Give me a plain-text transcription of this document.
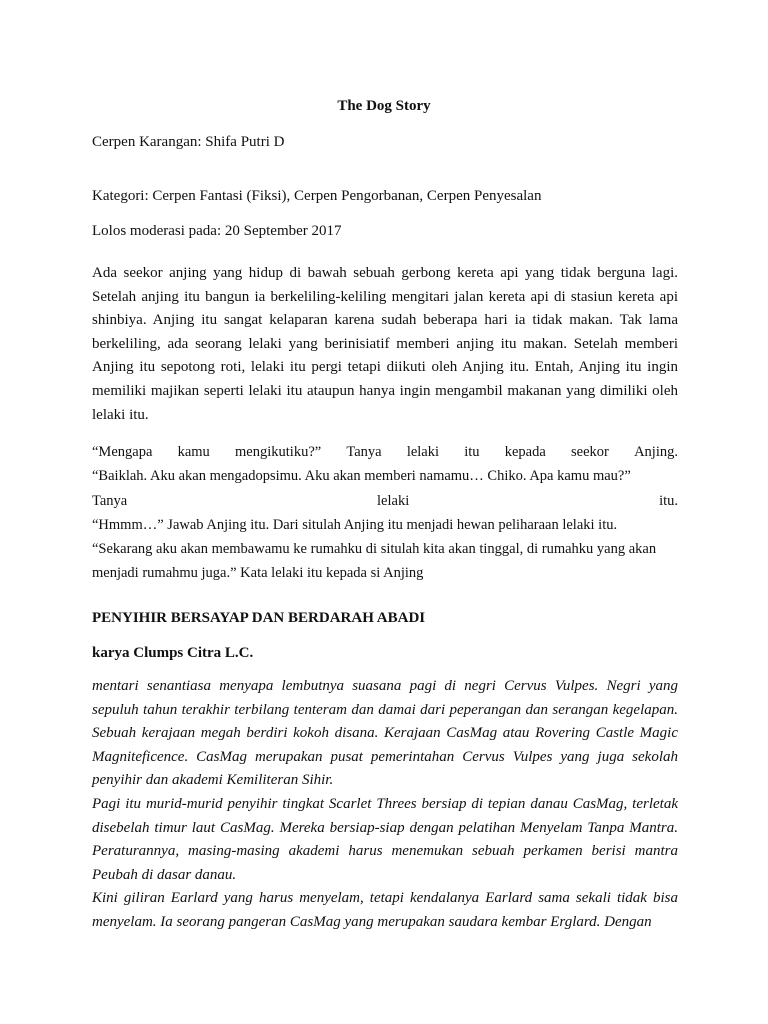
The Dog Story
Cerpen Karangan: Shifa Putri D
Kategori: Cerpen Fantasi (Fiksi), Cerpen Pengorbanan, Cerpen Penyesalan
Lolos moderasi pada: 20 September 2017

Ada seekor anjing yang hidup di bawah sebuah gerbong kereta api yang tidak berguna lagi. Setelah anjing itu bangun ia berkeliling-keliling mengitari jalan kereta api di stasiun kereta api shinbiya. Anjing itu sangat kelaparan karena sudah beberapa hari ia tidak makan. Tak lama berkeliling, ada seorang lelaki yang berinisiatif memberi anjing itu makan. Setelah memberi Anjing itu sepotong roti, lelaki itu pergi tetapi diikuti oleh Anjing itu. Entah, Anjing itu ingin memiliki majikan seperti lelaki itu ataupun hanya ingin mengambil makanan yang dimiliki oleh lelaki itu.

“Mengapa kamu mengikutiku?” Tanya lelaki itu kepada seekor Anjing.
“Baiklah. Aku akan mengadopsimu. Aku akan memberi namamu… Chiko. Apa kamu mau?”
Tanya	lelaki	itu.
“Hmmm…” Jawab Anjing itu. Dari situlah Anjing itu menjadi hewan peliharaan lelaki itu.
“Sekarang aku akan membawamu ke rumahku di situlah kita akan tinggal, di rumahku yang akan
menjadi rumahmu juga.” Kata lelaki itu kepada si Anjing
PENYIHIR BERSAYAP DAN BERDARAH ABADI
karya Clumps Citra L.C.

mentari senantiasa menyapa lembutnya suasana pagi di negri Cervus Vulpes. Negri yang sepuluh tahun terakhir terbilang tenteram dan damai dari peperangan dan serangan kegelapan. Sebuah kerajaan megah berdiri kokoh disana. Kerajaan CasMag atau Rovering Castle Magic Magniteficence. CasMag merupakan pusat pemerintahan Cervus Vulpes yang juga sekolah penyihir dan akademi Kemiliteran Sihir.

Pagi itu murid-murid penyihir tingkat Scarlet Threes bersiap di tepian danau CasMag, terletak disebelah timur laut CasMag. Mereka bersiap-siap dengan pelatihan Menyelam Tanpa Mantra. Peraturannya, masing-masing akademi harus menemukan sebuah perkamen berisi mantra Peubah di dasar danau.

Kini giliran Earlard yang harus menyelam, tetapi kendalanya Earlard sama sekali tidak bisa menyelam. Ia seorang pangeran CasMag yang merupakan saudara kembar Erglard. Dengan
